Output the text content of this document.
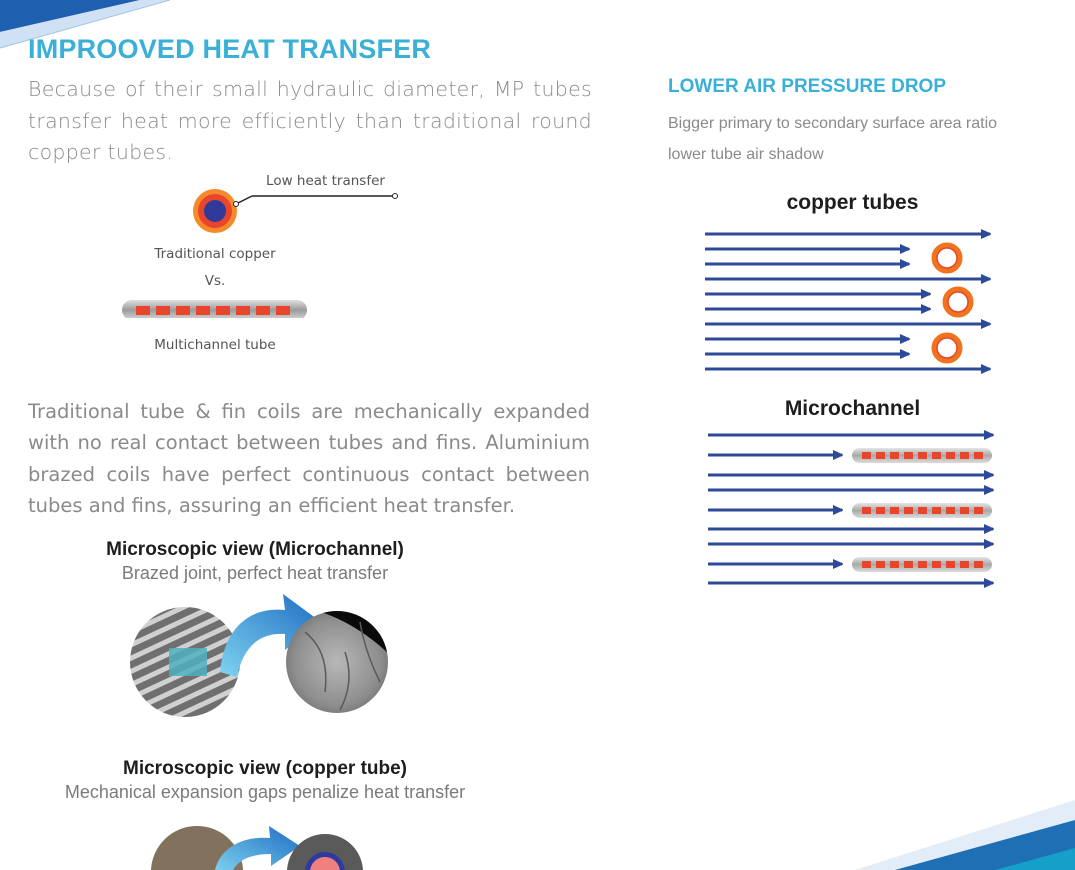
IMPROOVED HEAT TRANSFER
Because of their small hydraulic diameter, MP tubes transfer heat more efficiently than traditional round copper tubes.
Low heat transfer
Traditional copper
Vs.
Multichannel tube
Traditional tube & fin coils are mechanically expanded with no real contact between tubes and fins. Aluminium brazed coils have perfect continuous contact between tubes and fins, assuring an efficient heat transfer.
Microscopic view (Microchannel)
Brazed joint, perfect heat transfer
Microscopic view (copper tube)
Mechanical expansion gaps penalize heat transfer
LOWER AIR PRESSURE DROP
Bigger primary to secondary surface area ratio
lower tube air shadow
copper tubes
Microchannel
